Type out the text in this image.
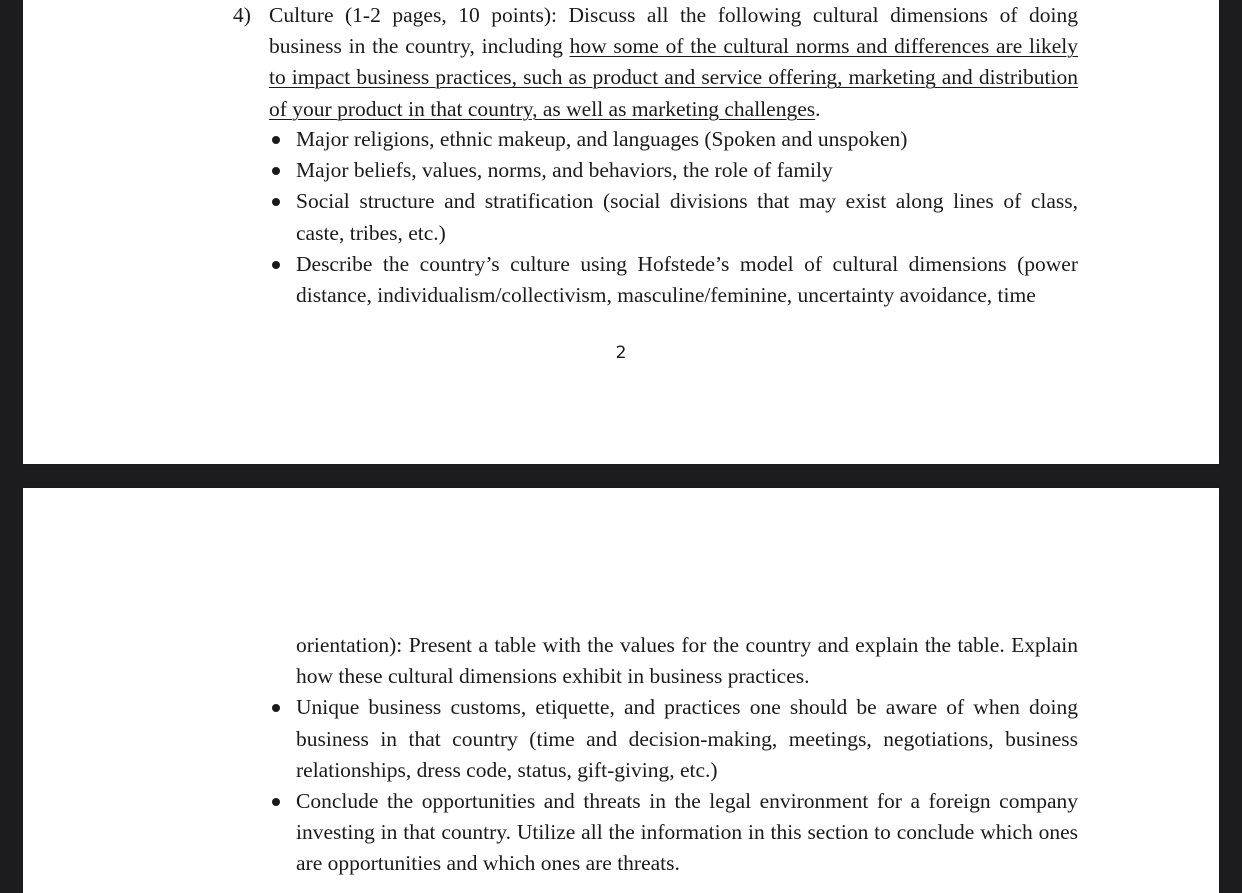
4) Culture (1-2 pages, 10 points): Discuss all the following cultural dimensions of doing business in the country, including how some of the cultural norms and differences are likely to impact business practices, such as product and service offering, marketing and distribution of your product in that country, as well as marketing challenges.
Major religions, ethnic makeup, and languages (Spoken and unspoken)
Major beliefs, values, norms, and behaviors, the role of family
Social structure and stratification (social divisions that may exist along lines of class, caste, tribes, etc.)
Describe the country’s culture using Hofstede’s model of cultural dimensions (power distance, individualism/collectivism, masculine/feminine, uncertainty avoidance, time
2
orientation): Present a table with the values for the country and explain the table. Explain how these cultural dimensions exhibit in business practices.
Unique business customs, etiquette, and practices one should be aware of when doing business in that country (time and decision-making, meetings, negotiations, business relationships, dress code, status, gift-giving, etc.)
Conclude the opportunities and threats in the legal environment for a foreign company investing in that country. Utilize all the information in this section to conclude which ones are opportunities and which ones are threats.
